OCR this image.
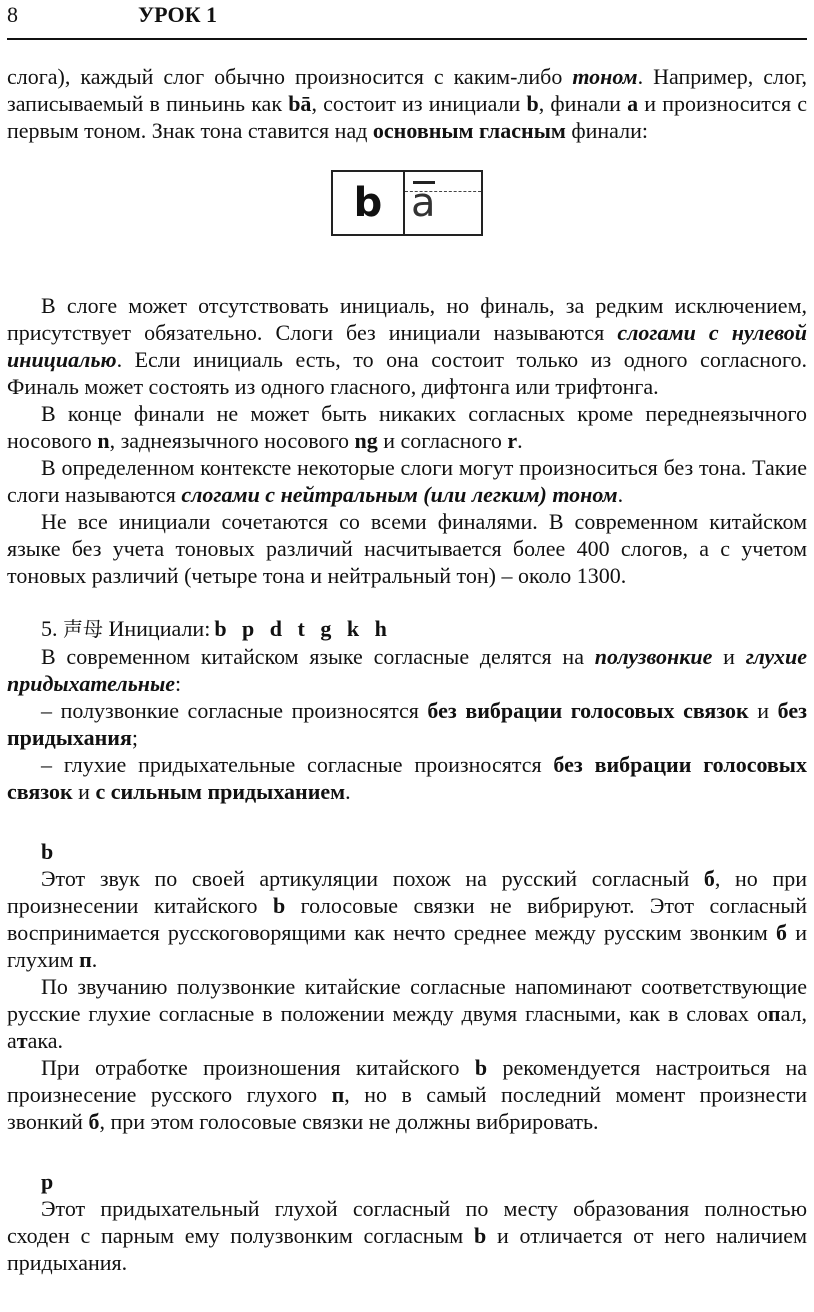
8	УРОК 1

слога), каждый слог обычно произносится с каким-либо тоном. Например, слог, записываемый в пиньинь как bā, состоит из инициали b, финали a и произносится с первым тоном. Знак тона ставится над основным гласным финали:

b a

В слоге может отсутствовать инициаль, но финаль, за редким исключением, присутствует обязательно. Слоги без инициали называются слогами с нулевой инициалью. Если инициаль есть, то она состоит только из одного согласного. Финаль может состоять из одного гласного, дифтонга или трифтонга.

В конце финали не может быть никаких согласных кроме переднеязычного носового n, заднеязычного носового ng и согласного r.

В определенном контексте некоторые слоги могут произноситься без тона. Такие слоги называются слогами с нейтральным (или легким) тоном.

Не все инициали сочетаются со всеми финалями. В современном китайском языке без учета тоновых различий насчитывается более 400 слогов, а с учетом тоновых различий (четыре тона и нейтральный тон) – около 1300.

5. 声母 Инициали: b p d t g k h

В современном китайском языке согласные делятся на полузвонкие и глухие придыхательные:

– полузвонкие согласные произносятся без вибрации голосовых связок и без придыхания;

– глухие придыхательные согласные произносятся без вибрации голосовых связок и с сильным придыханием.

b

Этот звук по своей артикуляции похож на русский согласный б, но при произнесении китайского b голосовые связки не вибрируют. Этот согласный воспринимается русскоговорящими как нечто среднее между русским звонким б и глухим п.

По звучанию полузвонкие китайские согласные напоминают соответствующие русские глухие согласные в положении между двумя гласными, как в словах опал, атака.

При отработке произношения китайского b рекомендуется настроиться на произнесение русского глухого п, но в самый последний момент произнести звонкий б, при этом голосовые связки не должны вибрировать.

p

Этот придыхательный глухой согласный по месту образования полностью сходен с парным ему полузвонким согласным b и отличается от него наличием придыхания.
